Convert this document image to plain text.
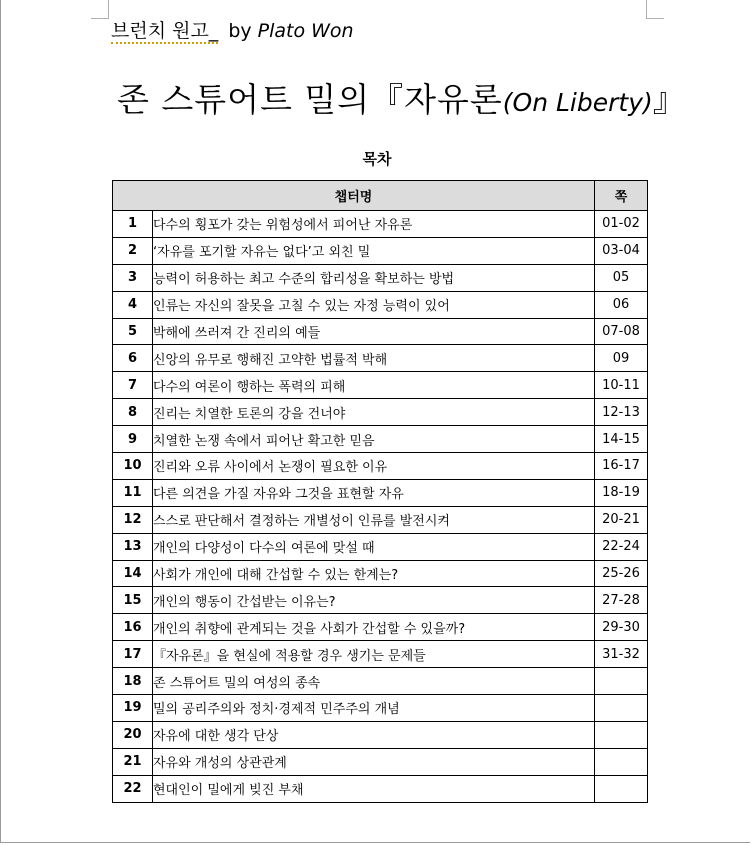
브런치 원고_ by Plato Won
존 스튜어트 밀의『자유론(On Liberty)』
목차
챕터명		쪽
1	다수의 횡포가 갖는 위험성에서 피어난 자유론	01-02
2	‘자유를 포기할 자유는 없다’고 외친 밀	03-04
3	능력이 허용하는 최고 수준의 합리성을 확보하는 방법	05
4	인류는 자신의 잘못을 고칠 수 있는 자정 능력이 있어	06
5	박해에 쓰러져 간 진리의 예들	07-08
6	신앙의 유무로 행해진 고약한 법률적 박해	09
7	다수의 여론이 행하는 폭력의 피해	10-11
8	진리는 치열한 토론의 강을 건너야	12-13
9	치열한 논쟁 속에서 피어난 확고한 믿음	14-15
10	진리와 오류 사이에서 논쟁이 필요한 이유	16-17
11	다른 의견을 가질 자유와 그것을 표현할 자유	18-19
12	스스로 판단해서 결정하는 개별성이 인류를 발전시켜	20-21
13	개인의 다양성이 다수의 여론에 맞설 때	22-24
14	사회가 개인에 대해 간섭할 수 있는 한계는?	25-26
15	개인의 행동이 간섭받는 이유는?	27-28
16	개인의 취향에 관계되는 것을 사회가 간섭할 수 있을까?	29-30
17	『자유론』을 현실에 적용할 경우 생기는 문제들	31-32
18	존 스튜어트 밀의 여성의 종속	
19	밀의 공리주의와 정치·경제적 민주주의 개념	
20	자유에 대한 생각 단상	
21	자유와 개성의 상관관계	
22	현대인이 밀에게 빚진 부채	
